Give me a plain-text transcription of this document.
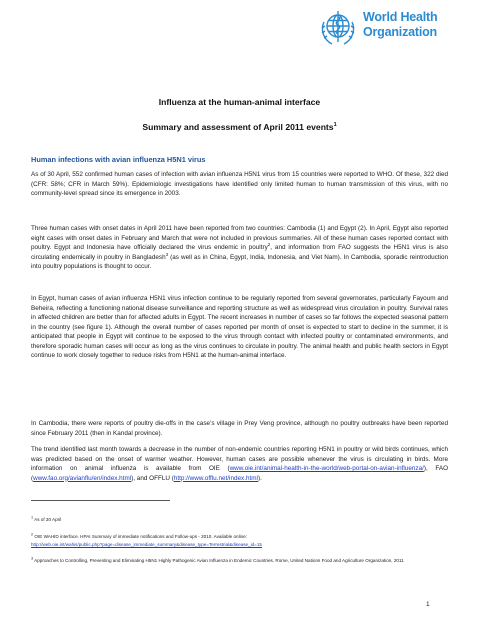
World Health
Organization
Influenza at the human-animal interface
Summary and assessment of April 2011 events$^1$
Human infections with avian influenza H5N1 virus
As of 30 April, 552 confirmed human cases of infection with avian influenza H5N1 virus from 15 countries were reported to WHO. Of these, 322 died (CFR: 58%; CFR in March 59%). Epidemiologic investigations have identified only limited human to human transmission of this virus, with no community-level spread since its emergence in 2003.
Three human cases with onset dates in April 2011 have been reported from two countries: Cambodia (1) and Egypt (2). In April, Egypt also reported eight cases with onset dates in February and March that were not included in previous summaries. All of these human cases reported contact with poultry. Egypt and Indonesia have officially declared the virus endemic in poultry$^2$, and information from FAO suggests the H5N1 virus is also circulating endemically in poultry in Bangladesh$^3$ (as well as in China, Egypt, India, Indonesia, and Viet Nam). In Cambodia, sporadic reintroduction into poultry populations is thought to occur.
In Egypt, human cases of avian influenza H5N1 virus infection continue to be regularly reported from several governorates, particularly Fayoum and Beheira, reflecting a functioning national disease surveillance and reporting structure as well as widespread virus circulation in poultry. Survival rates in affected children are better than for affected adults in Egypt. The recent increases in number of cases so far follows the expected seasonal pattern in the country (see figure 1). Although the overall number of cases reported per month of onset is expected to start to decline in the summer, it is anticipated that people in Egypt will continue to be exposed to the virus through contact with infected poultry or contaminated environments, and therefore sporadic human cases will occur as long as the virus continues to circulate in poultry. The animal health and public health sectors in Egypt continue to work closely together to reduce risks from H5N1 at the human-animal interface.
In Cambodia, there were reports of poultry die-offs in the case’s village in Prey Veng province, although no poultry outbreaks have been reported since February 2011 (then in Kandal province).
The trend identified last month towards a decrease in the number of non-endemic countries reporting H5N1 in poultry or wild birds continues, which was predicted based on the onset of warmer weather. However, human cases are possible whenever the virus is circulating in birds. More information on animal influenza is available from OIE (www.oie.int/animal-health-in-the-world/web-portal-on-avian-influenza/), FAO (www.fao.org/avianflu/en/index.html), and OFFLU (http://www.offlu.net/index.html).
$^1$ As of 30 April
$^2$ OIE WAHID interface. HPAI Summary of immediate notifications and Follow-ups - 2010. Available online:
http://web.oie.int/wahis/public.php?page=disease_immediate_summary&disease_type=Terrestrial&disease_id=15
$^3$ Approaches to Controlling, Preventing and Eliminating H5N1 Highly Pathogenic Avian Influenza in Endemic Countries. Rome, United Nations Food and Agriculture Organization, 2011
1
